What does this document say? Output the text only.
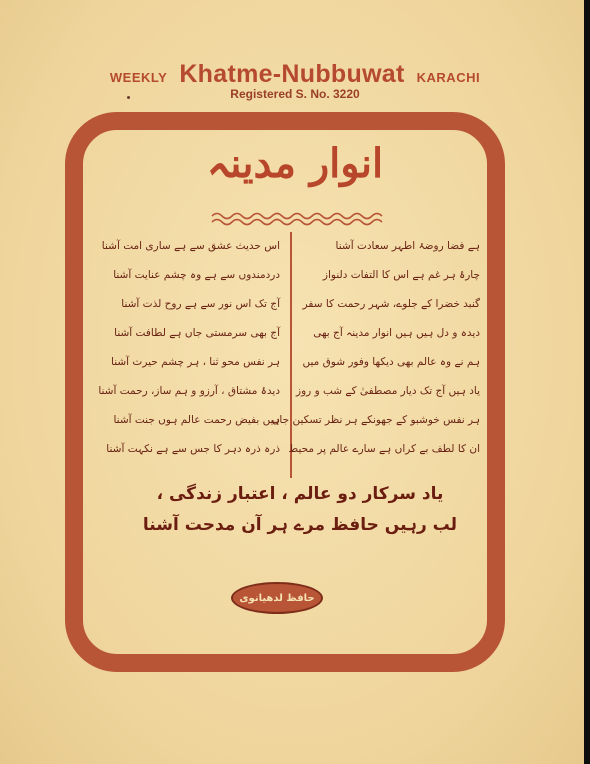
WEEKLY Khatme-Nubbuwat KARACHI
Registered S. No. 3220
انوار مدینہ
ہے فضا روضۂ اطہر سعادت آشنا
چارۂ ہر غم ہے اس کا التفات دلنواز
گنبد خضرا کے جلوے، شہر رحمت کا سفر
دیدہ و دل ہیں ہیں انوار مدینہ آج بھی
ہم نے وہ عالم بھی دیکھا وفور شوق میں
یاد ہیں آج تک دیار مصطفیٰ کے شب و روز
ہر نفس خوشبو کے جھونکے ہر نظر تسکین جاں
ان کا لطف بے کراں ہے سارے عالم پر محیط
اس حدیث عشق سے ہے ساری امت آشنا
دردمندوں سے ہے وہ چشم عنایت آشنا
آج تک اس نور سے ہے روح لذت آشنا
آج بھی سرمستی جاں ہے لطافت آشنا
ہر نفس محو ثنا ، ہر چشم حیرت آشنا
دیدۂ مشتاق ، آرزو و ہم ساز، رحمت آشنا
ہیں بفیض رحمت عالم ہوں جنت آشنا
ذرہ ذرہ دہر کا جس سے ہے نکہت آشنا
یاد سرکار دو عالم ، اعتبار زندگی ،
لب رہیں حافظ مرے ہر آن مدحت آشنا
حافظ لدھیانوی
